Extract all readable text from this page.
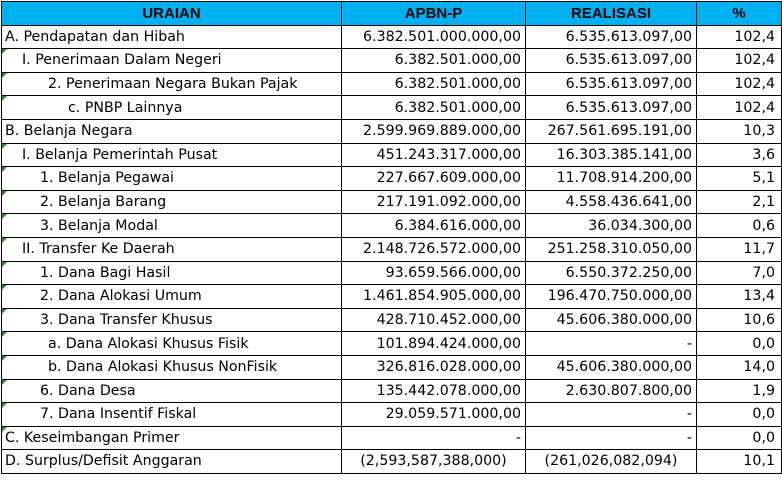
URAIAN	APBN-P	REALISASI	%
A. Pendapatan dan Hibah	6.382.501.000.000,00	6.535.613.097,00	102,4

I. Penerimaan Dalam Negeri	6.382.501.000,00	6.535.613.097,00	102,4

2. Penerimaan Negara Bukan Pajak	6.382.501.000,00	6.535.613.097,00	102,4

c. PNBP Lainnya	6.382.501.000,00	6.535.613.097,00	102,4
B. Belanja Negara	2.599.969.889.000,00	267.561.695.191,00	10,3

I. Belanja Pemerintah Pusat	451.243.317.000,00	16.303.385.141,00	3,6

1. Belanja Pegawai	227.667.609.000,00	11.708.914.200,00	5,1

2. Belanja Barang	217.191.092.000,00	4.558.436.641,00	2,1

3. Belanja Modal	6.384.616.000,00	36.034.300,00	0,6

II. Transfer Ke Daerah	2.148.726.572.000,00	251.258.310.050,00	11,7

1. Dana Bagi Hasil	93.659.566.000,00	6.550.372.250,00	7,0

2. Dana Alokasi Umum	1.461.854.905.000,00	196.470.750.000,00	13,4

3. Dana Transfer Khusus	428.710.452.000,00	45.606.380.000,00	10,6

a. Dana Alokasi Khusus Fisik	101.894.424.000,00	-	0,0

b. Dana Alokasi Khusus NonFisik	326.816.028.000,00	45.606.380.000,00	14,0

6. Dana Desa	135.442.078.000,00	2.630.807.800,00	1,9

7. Dana Insentif Fiskal	29.059.571.000,00	-	0,0

C. Keseimbangan Primer	-	-	0,0
D. Surplus/Defisit Anggaran	(2,593,587,388,000)	(261,026,082,094)	10,1
